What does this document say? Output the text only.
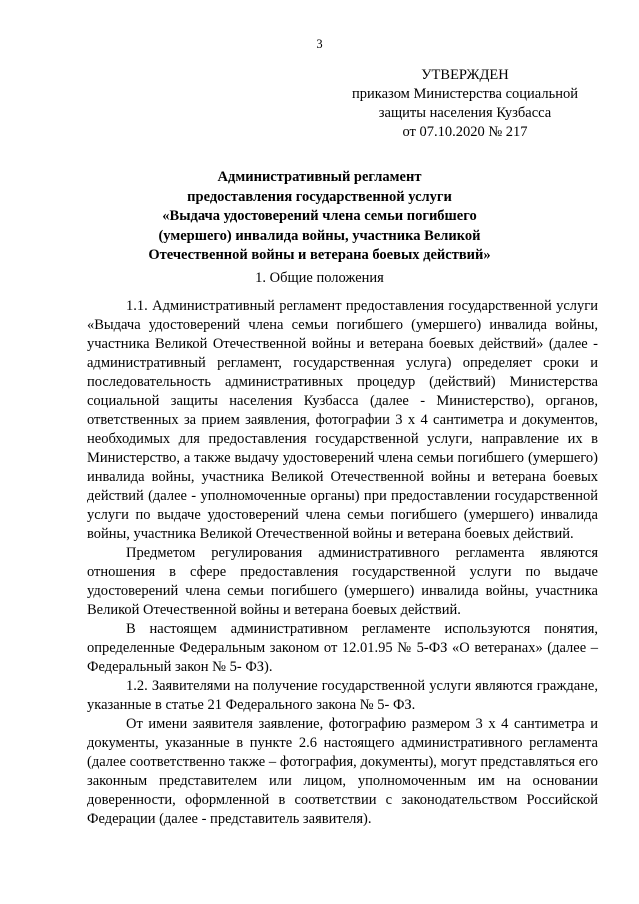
3
УТВЕРЖДЕН
приказом Министерства социальной
защиты населения Кузбасса
от 07.10.2020 № 217
Административный регламент
предоставления государственной услуги
«Выдача удостоверений члена семьи погибшего
(умершего) инвалида войны, участника Великой
Отечественной войны и ветерана боевых действий»
1. Общие положения

1.1. Административный регламент предоставления государственной услуги «Выдача удостоверений члена семьи погибшего (умершего) инвалида войны, участника Великой Отечественной войны и ветерана боевых действий» (далее - административный регламент, государственная услуга) определяет сроки и последовательность административных процедур (действий) Министерства социальной защиты населения Кузбасса (далее - Министерство), органов, ответственных за прием заявления, фотографии 3 х 4 сантиметра и документов, необходимых для предоставления государственной услуги, направление их в Министерство, а также выдачу удостоверений члена семьи погибшего (умершего) инвалида войны, участника Великой Отечественной войны и ветерана боевых действий (далее - уполномоченные органы) при предоставлении государственной услуги по выдаче удостоверений члена семьи погибшего (умершего) инвалида войны, участника Великой Отечественной войны и ветерана боевых действий.

Предметом регулирования административного регламента являются отношения в сфере предоставления государственной услуги по выдаче удостоверений члена семьи погибшего (умершего) инвалида войны, участника Великой Отечественной войны и ветерана боевых действий.

В настоящем административном регламенте используются понятия, определенные Федеральным законом от 12.01.95 № 5-ФЗ «О ветеранах» (далее – Федеральный закон № 5- ФЗ).

1.2. Заявителями на получение государственной услуги являются граждане, указанные в статье 21 Федерального закона № 5- ФЗ.

От имени заявителя заявление, фотографию размером 3 х 4 сантиметра и документы, указанные в пункте 2.6 настоящего административного регламента (далее соответственно также – фотография, документы), могут представляться его законным представителем или лицом, уполномоченным им на основании доверенности, оформленной в соответствии с законодательством Российской Федерации (далее - представитель заявителя).
